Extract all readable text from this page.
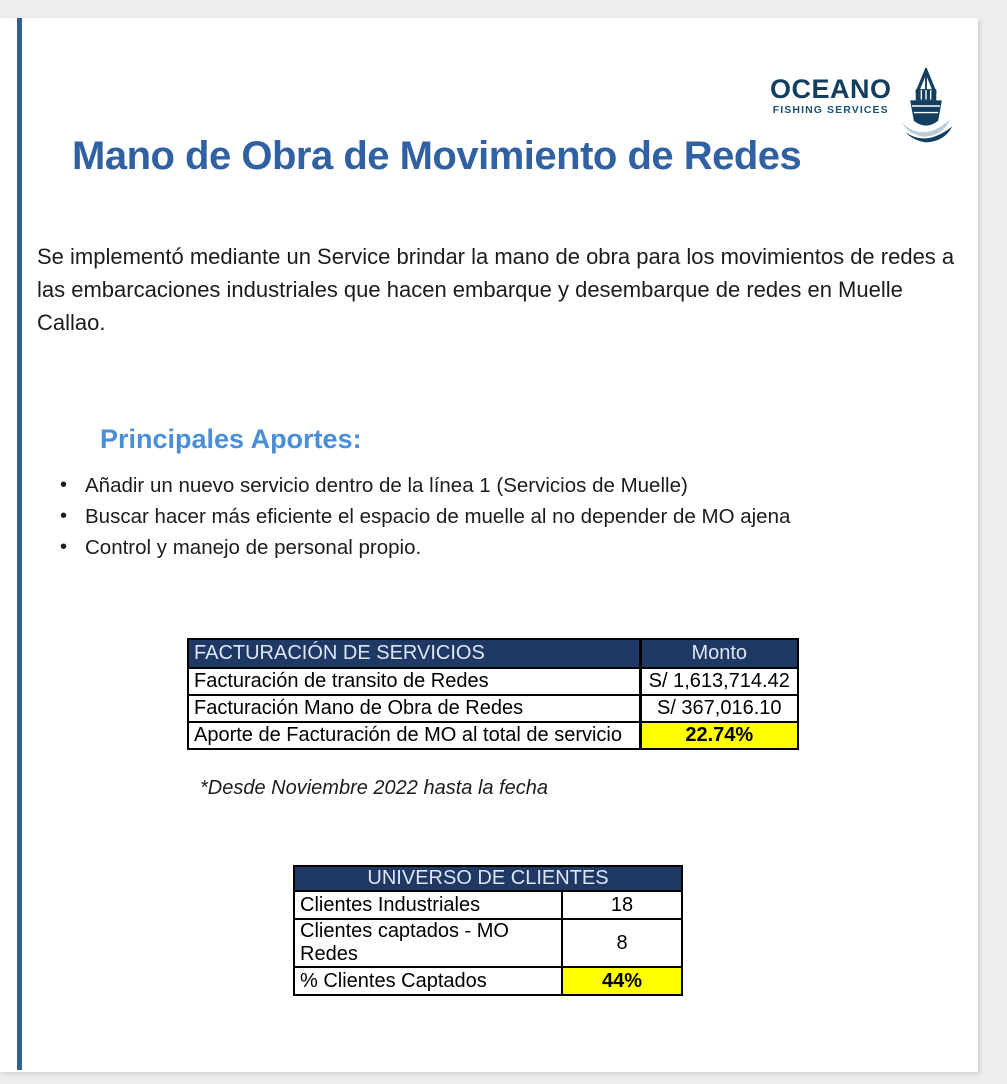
OCEANO
FISHING SERVICES
Mano de Obra de Movimiento de Redes
Se implementó mediante un Service brindar la mano de obra para los movimientos de redes a las embarcaciones industriales que hacen embarque y desembarque de redes en Muelle Callao.
Principales Aportes:
• Añadir un nuevo servicio dentro de la línea 1 (Servicios de Muelle)
• Buscar hacer más eficiente el espacio de muelle al no depender de MO ajena
• Control y manejo de personal propio.
FACTURACIÓN DE SERVICIOS	Monto
Facturación de transito de Redes	S/ 1,613,714.42
Facturación Mano de Obra de Redes	S/ 367,016.10
Aporte de Facturación de MO al total de servicio	22.74%
*Desde Noviembre 2022 hasta la fecha
UNIVERSO DE CLIENTES	
Clientes Industriales	18
Clientes captados - MO Redes	8
% Clientes Captados	44%
